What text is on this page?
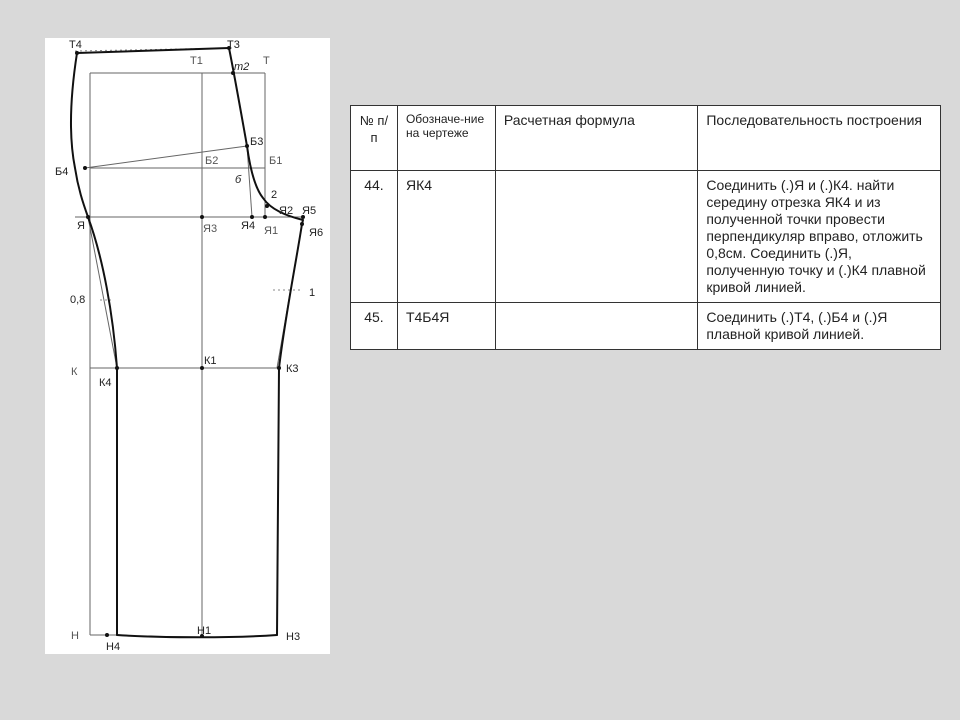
Т4	Т3
Т1	т2 Т
Б3
Б4
Б2	Б1
б
2
Я2 Я5
Я	Я3 Я4 Я1	Я6
0,8
1
К
К1
К3
К4
Н	Н1	Н3
Н4
№ п/п	Обозначе-ние на чертеже	Расчетная формула	Последовательность построения
44.	ЯК4		Соединить (.)Я и (.)К4. найти середину отрезка ЯК4 и из полученной точки провести перпендикуляр вправо, отложить 0,8см. Соединить (.)Я, полученную точку и (.)К4 плавной кривой линией.
45.	Т4Б4Я		Соединить (.)Т4, (.)Б4 и (.)Я плавной кривой линией.
